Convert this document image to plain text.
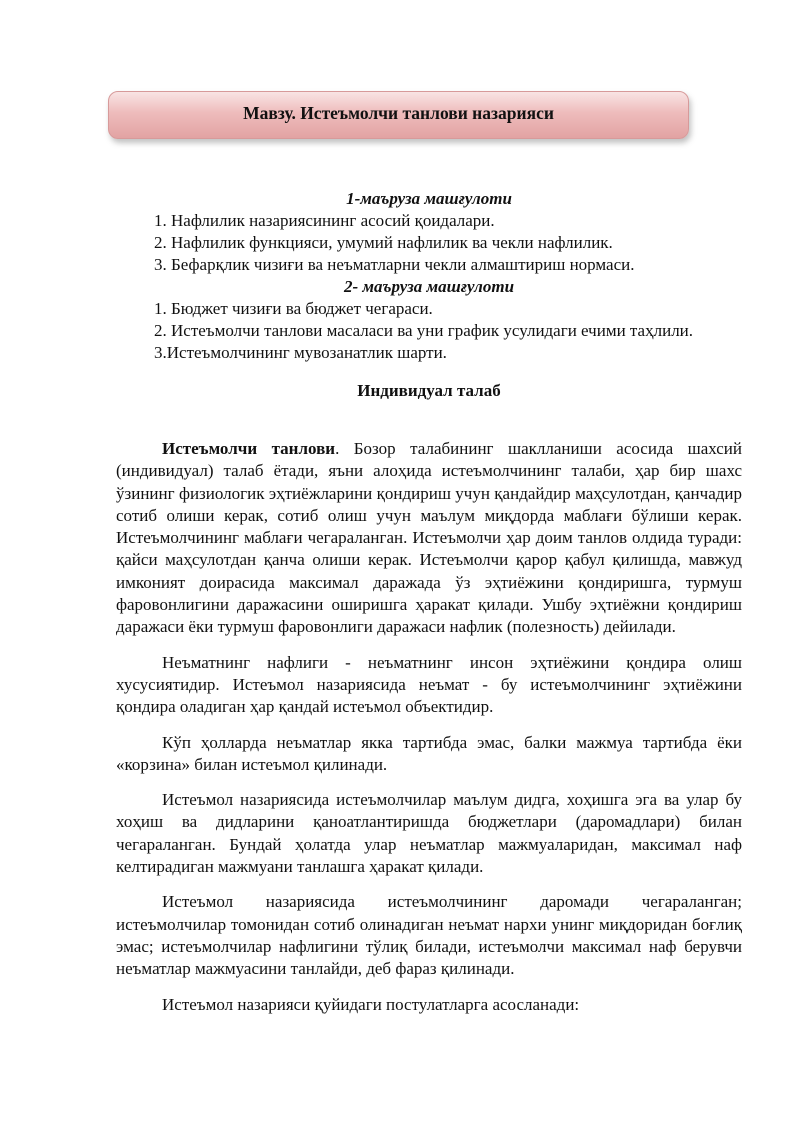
Мавзу. Истеъмолчи танлови назарияси
1-маъруза машғулоти
1. Нафлилик назариясининг асосий қоидалари.
2. Нафлилик функцияси, умумий нафлилик ва чекли нафлилик.
3. Бефарқлик чизиғи ва неъматларни чекли алмаштириш нормаси.
2- маъруза машғулоти
1. Бюджет чизиғи ва бюджет чегараси.
2. Истеъмолчи танлови масаласи ва уни график усулидаги ечими таҳлили.
3.Истеъмолчининг мувозанатлик шарти.
Индивидуал талаб

Истеъмолчи танлови. Бозор талабининг шаклланиши асосида шахсий (индивидуал) талаб ётади, яъни алоҳида истеъмолчининг талаби, ҳар бир шахс ўзининг физиологик эҳтиёжларини қондириш учун қандайдир маҳсулотдан, қанчадир сотиб олиши керак, сотиб олиш учун маълум миқдорда маблағи бўлиши керак. Истеъмолчининг маблағи чегараланган. Истеъмолчи ҳар доим танлов олдида туради: қайси маҳсулотдан қанча олиши керак. Истеъмолчи қарор қабул қилишда, мавжуд имконият доирасида максимал даражада ўз эҳтиёжини қондиришга, турмуш фаровонлигини даражасини оширишга ҳаракат қилади. Ушбу эҳтиёжни қондириш даражаси ёки турмуш фаровонлиги даражаси нафлик (полезность) дейилади.

Неъматнинг нафлиги - неъматнинг инсон эҳтиёжини қондира олиш хусусиятидир. Истеъмол назариясида неъмат - бу истеъмолчининг эҳтиёжини қондира оладиган ҳар қандай истеъмол объектидир.

Кўп ҳолларда неъматлар якка тартибда эмас, балки мажмуа тартибда ёки «корзина» билан истеъмол қилинади.

Истеъмол назариясида истеъмолчилар маълум дидга, хоҳишга эга ва улар бу хоҳиш ва дидларини қаноатлантиришда бюджетлари (даромадлари) билан чегараланган. Бундай ҳолатда улар неъматлар мажмуаларидан, максимал наф келтирадиган мажмуани танлашга ҳаракат қилади.

Истеъмол назариясида истеъмолчининг даромади чегараланган; истеъмолчилар томонидан сотиб олинадиган неъмат нархи унинг миқдоридан боғлиқ эмас; истеъмолчилар нафлигини тўлиқ билади, истеъмолчи максимал наф берувчи неъматлар мажмуасини танлайди, деб фараз қилинади.

Истеъмол назарияси қуйидаги постулатларга асосланади:
